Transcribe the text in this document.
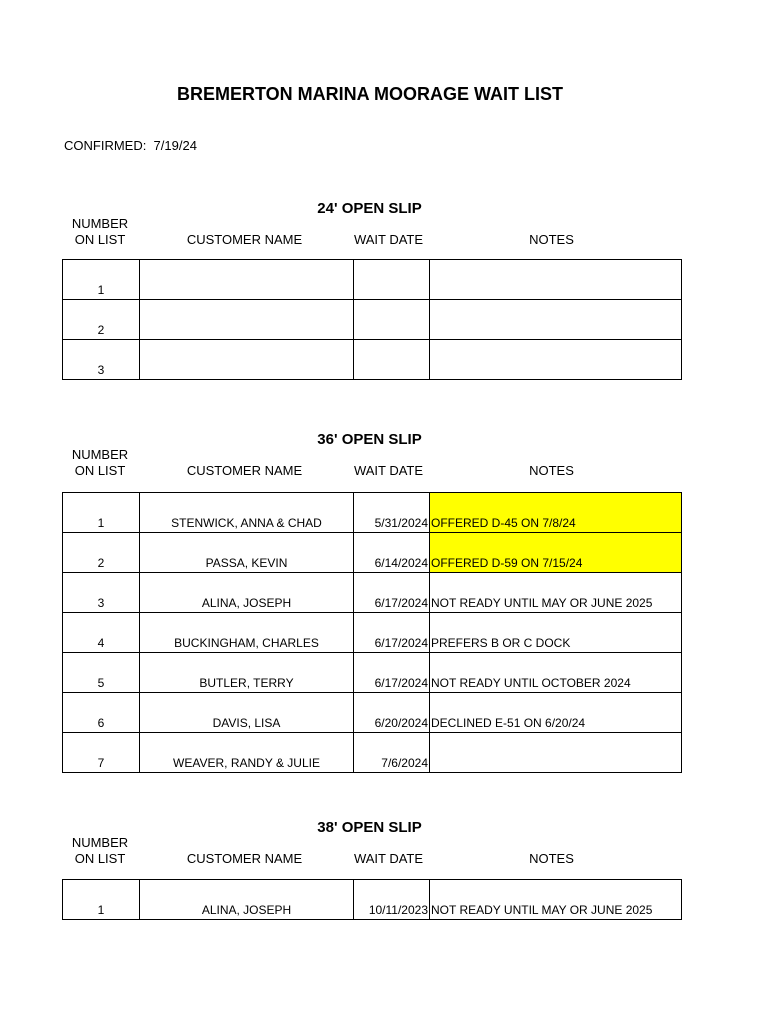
BREMERTON MARINA MOORAGE WAIT LIST
CONFIRMED:  7/19/24
24' OPEN SLIP
NUMBER
ON LIST	CUSTOMER NAME	WAIT DATE	NOTES
1			
2			
3			
36' OPEN SLIP
NUMBER
ON LIST	CUSTOMER NAME	WAIT DATE	NOTES
1	STENWICK, ANNA & CHAD	5/31/2024	OFFERED D-45 ON 7/8/24
2	PASSA, KEVIN	6/14/2024	OFFERED D-59 ON 7/15/24
3	ALINA, JOSEPH	6/17/2024	NOT READY UNTIL MAY OR JUNE 2025
4	BUCKINGHAM, CHARLES	6/17/2024	PREFERS B OR C DOCK
5	BUTLER, TERRY	6/17/2024	NOT READY UNTIL OCTOBER 2024
6	DAVIS, LISA	6/20/2024	DECLINED E-51 ON 6/20/24
7	WEAVER, RANDY & JULIE	7/6/2024	
38' OPEN SLIP
NUMBER
ON LIST	CUSTOMER NAME	WAIT DATE	NOTES
1	ALINA, JOSEPH	10/11/2023	NOT READY UNTIL MAY OR JUNE 2025
